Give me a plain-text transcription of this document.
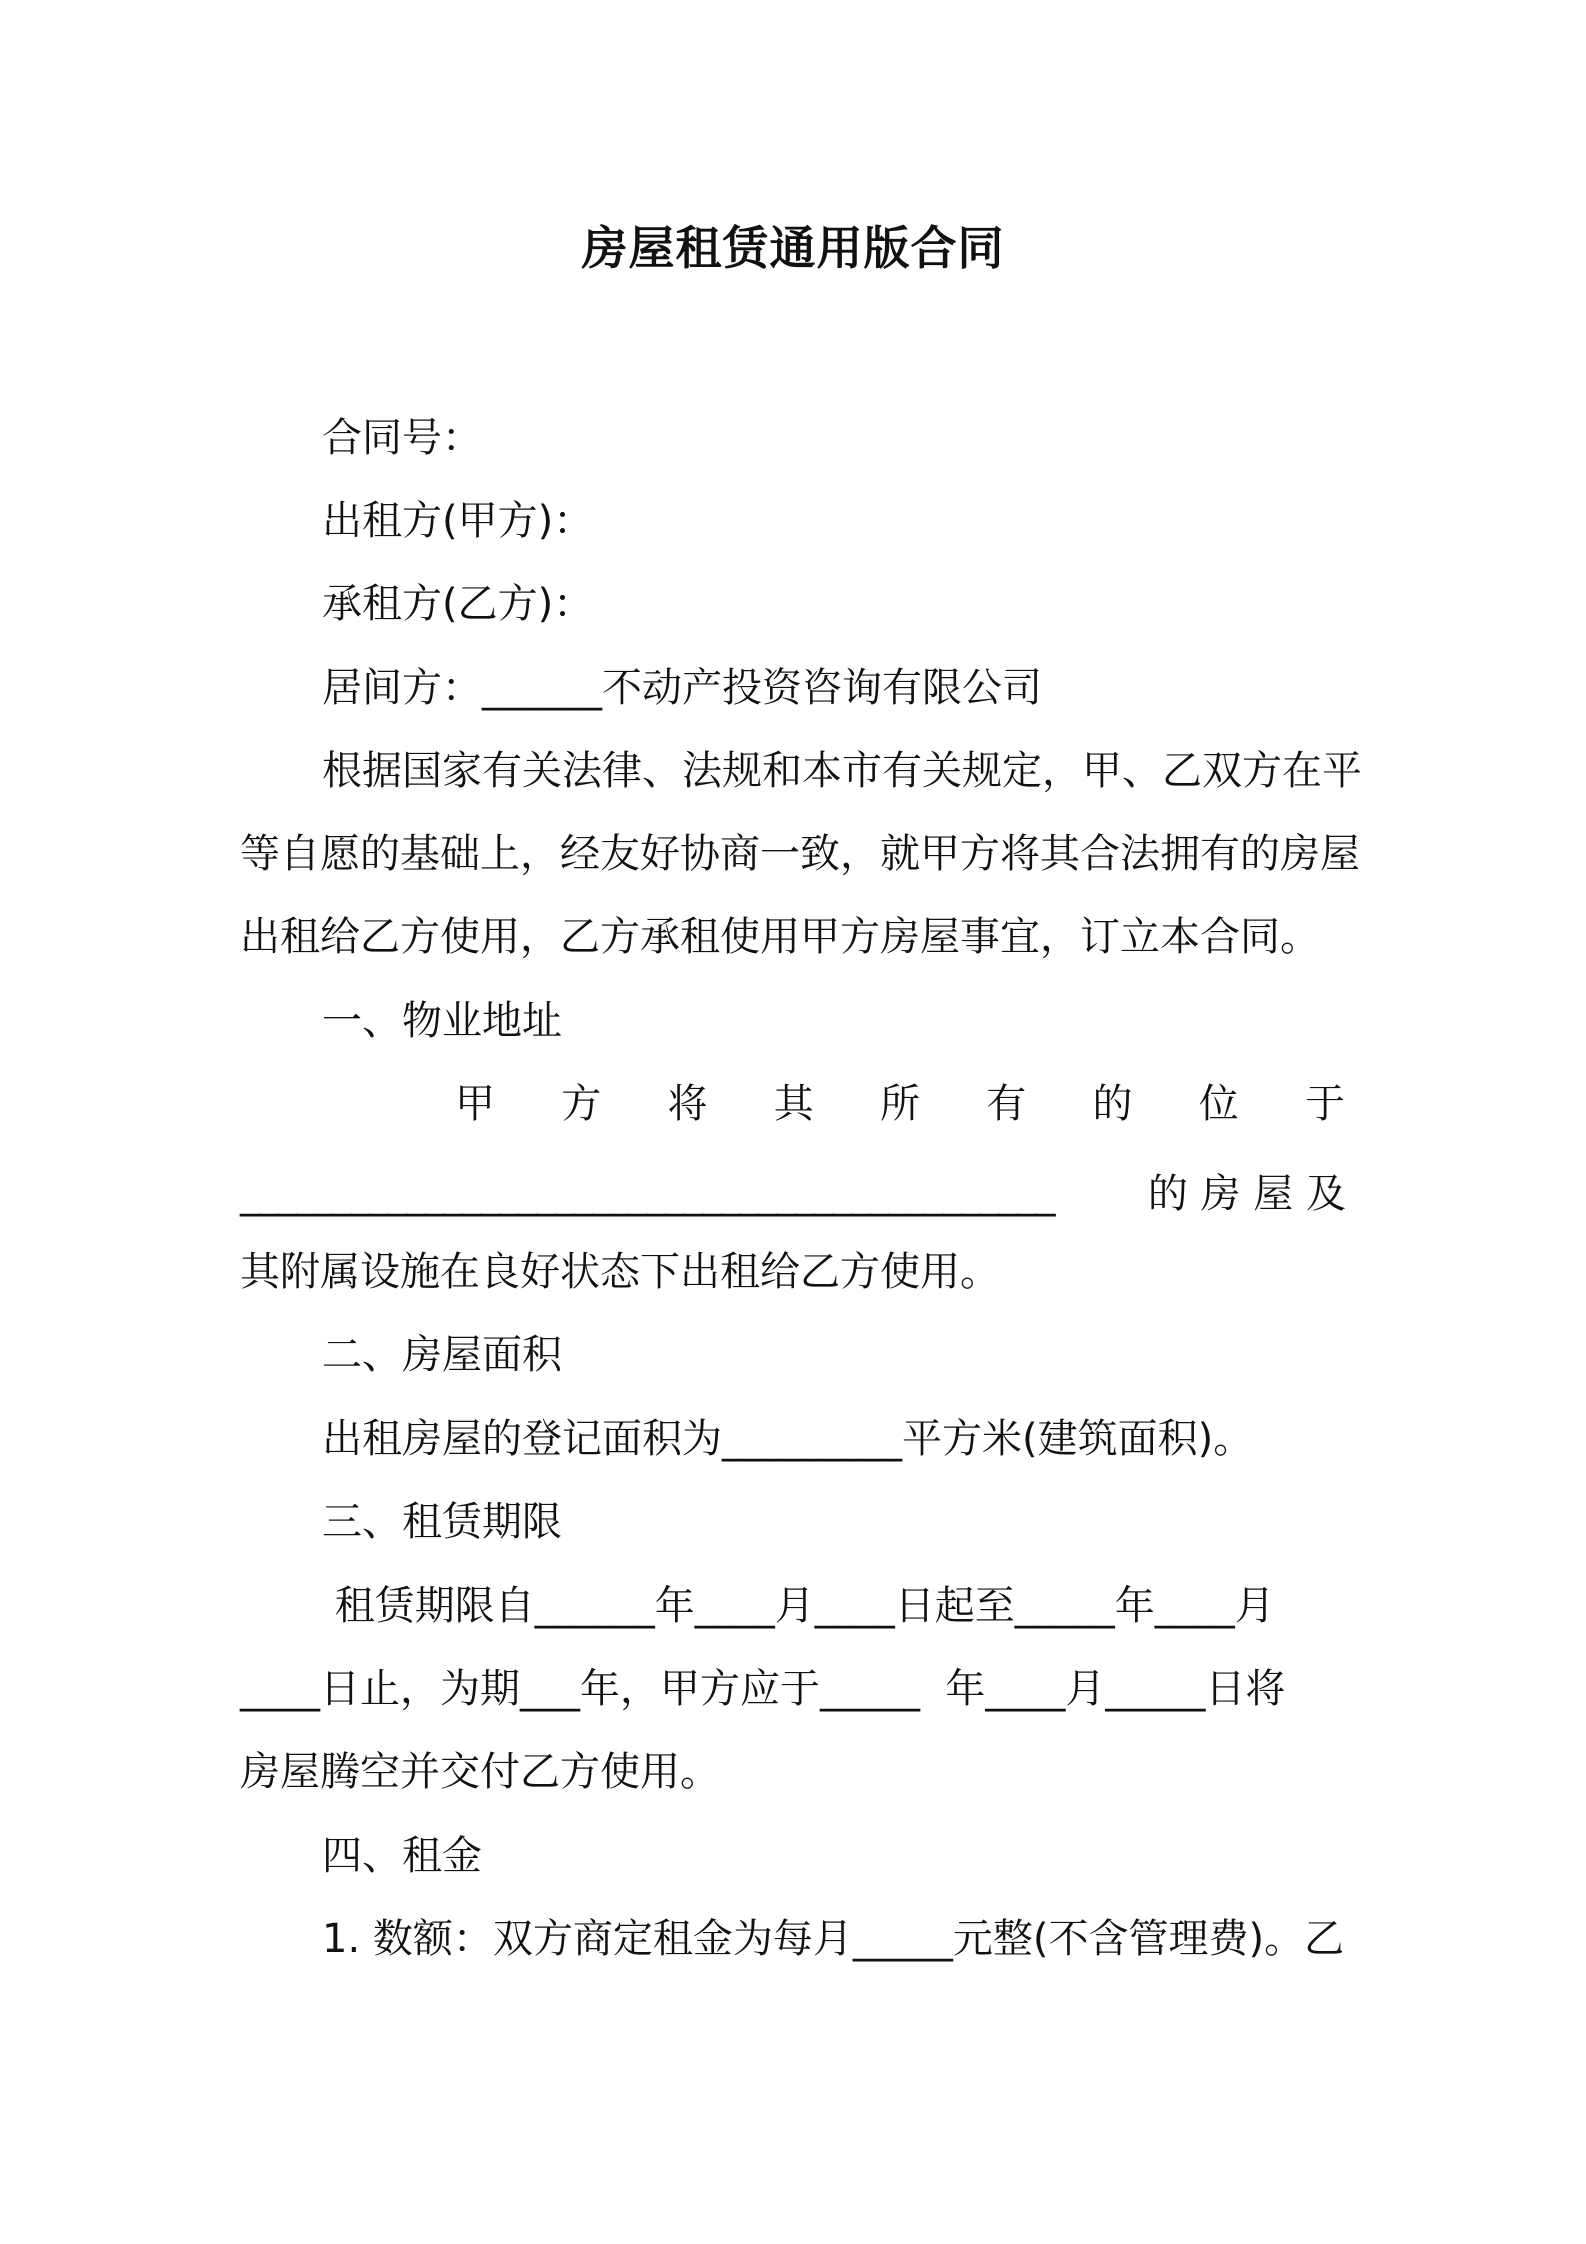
房屋租赁通用版合同
合同号：
出租方(甲方)：
承租方(乙方)：
居间方：______不动产投资咨询有限公司
根据国家有关法律、法规和本市有关规定，甲、乙双方在平
等自愿的基础上，经友好协商一致，就甲方将其合法拥有的房屋
出租给乙方使用，乙方承租使用甲方房屋事宜，订立本合同。
一、物业地址
甲 方 将 其 所 有 的 位 于
____________________________________________ 的 房 屋 及
其附属设施在良好状态下出租给乙方使用。
二、房屋面积
出租房屋的登记面积为_________平方米(建筑面积)。
三、租赁期限
租赁期限自______年____月____日起至_____年____月
____日止，为期___年，甲方应于_____  年____月_____日将
房屋腾空并交付乙方使用。
四、租金
1. 数额：双方商定租金为每月_____元整(不含管理费)。乙
